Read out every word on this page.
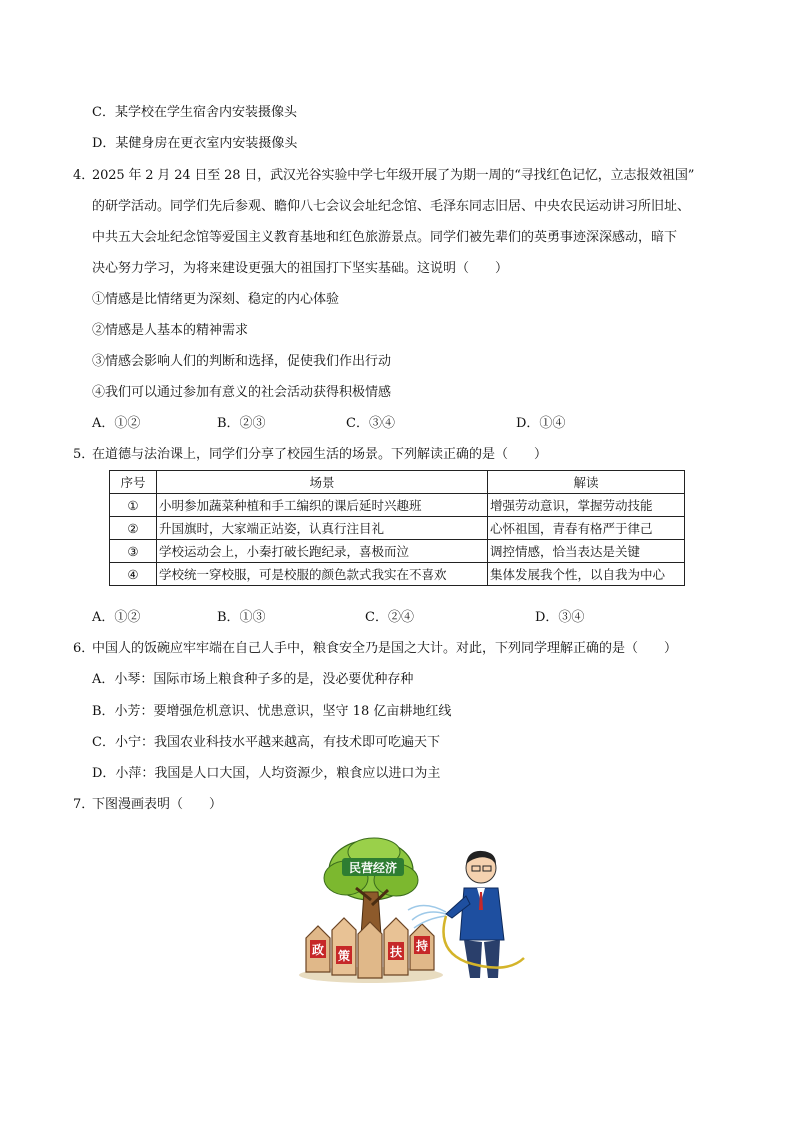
C．某学校在学生宿舍内安装摄像头
D．某健身房在更衣室内安装摄像头
4．
2025 年 2 月 24 日至 28 日，武汉光谷实验中学七年级开展了为期一周的“寻找红色记忆，立志报效祖国”
的研学活动。同学们先后参观、瞻仰八七会议会址纪念馆、毛泽东同志旧居、中央农民运动讲习所旧址、
中共五大会址纪念馆等爱国主义教育基地和红色旅游景点。同学们被先辈们的英勇事迹深深感动，暗下
决心努力学习，为将来建设更强大的祖国打下坚实基础。这说明（　　）
①情感是比情绪更为深刻、稳定的内心体验
②情感是人基本的精神需求
③情感会影响人们的判断和选择，促使我们作出行动
④我们可以通过参加有意义的社会活动获得积极情感
A．①②	B．②③	C．③④	D．①④
5．
在道德与法治课上，同学们分享了校园生活的场景。下列解读正确的是（　　）
序号	场景	解读
①	小明参加蔬菜种植和手工编织的课后延时兴趣班	增强劳动意识，掌握劳动技能
②	升国旗时，大家端正站姿，认真行注目礼	心怀祖国，青春有格严于律己
③	学校运动会上，小秦打破长跑纪录，喜极而泣	调控情感，恰当表达是关键
④	学校统一穿校服，可是校服的颜色款式我实在不喜欢	集体发展我个性，以自我为中心
A．①②	B．①③	C．②④	D．③④
6．
中国人的饭碗应牢牢端在自己人手中，粮食安全乃是国之大计。对此，下列同学理解正确的是（　　）
A．小琴：国际市场上粮食种子多的是，没必要优种存种
B．小芳：要增强危机意识、忧患意识，坚守 18 亿亩耕地红线
C．小宁：我国农业科技水平越来越高，有技术即可吃遍天下
D．小萍：我国是人口大国，人均资源少，粮食应以进口为主
7．
下图漫画表明（　　）
民营经济
政 策	扶 持
